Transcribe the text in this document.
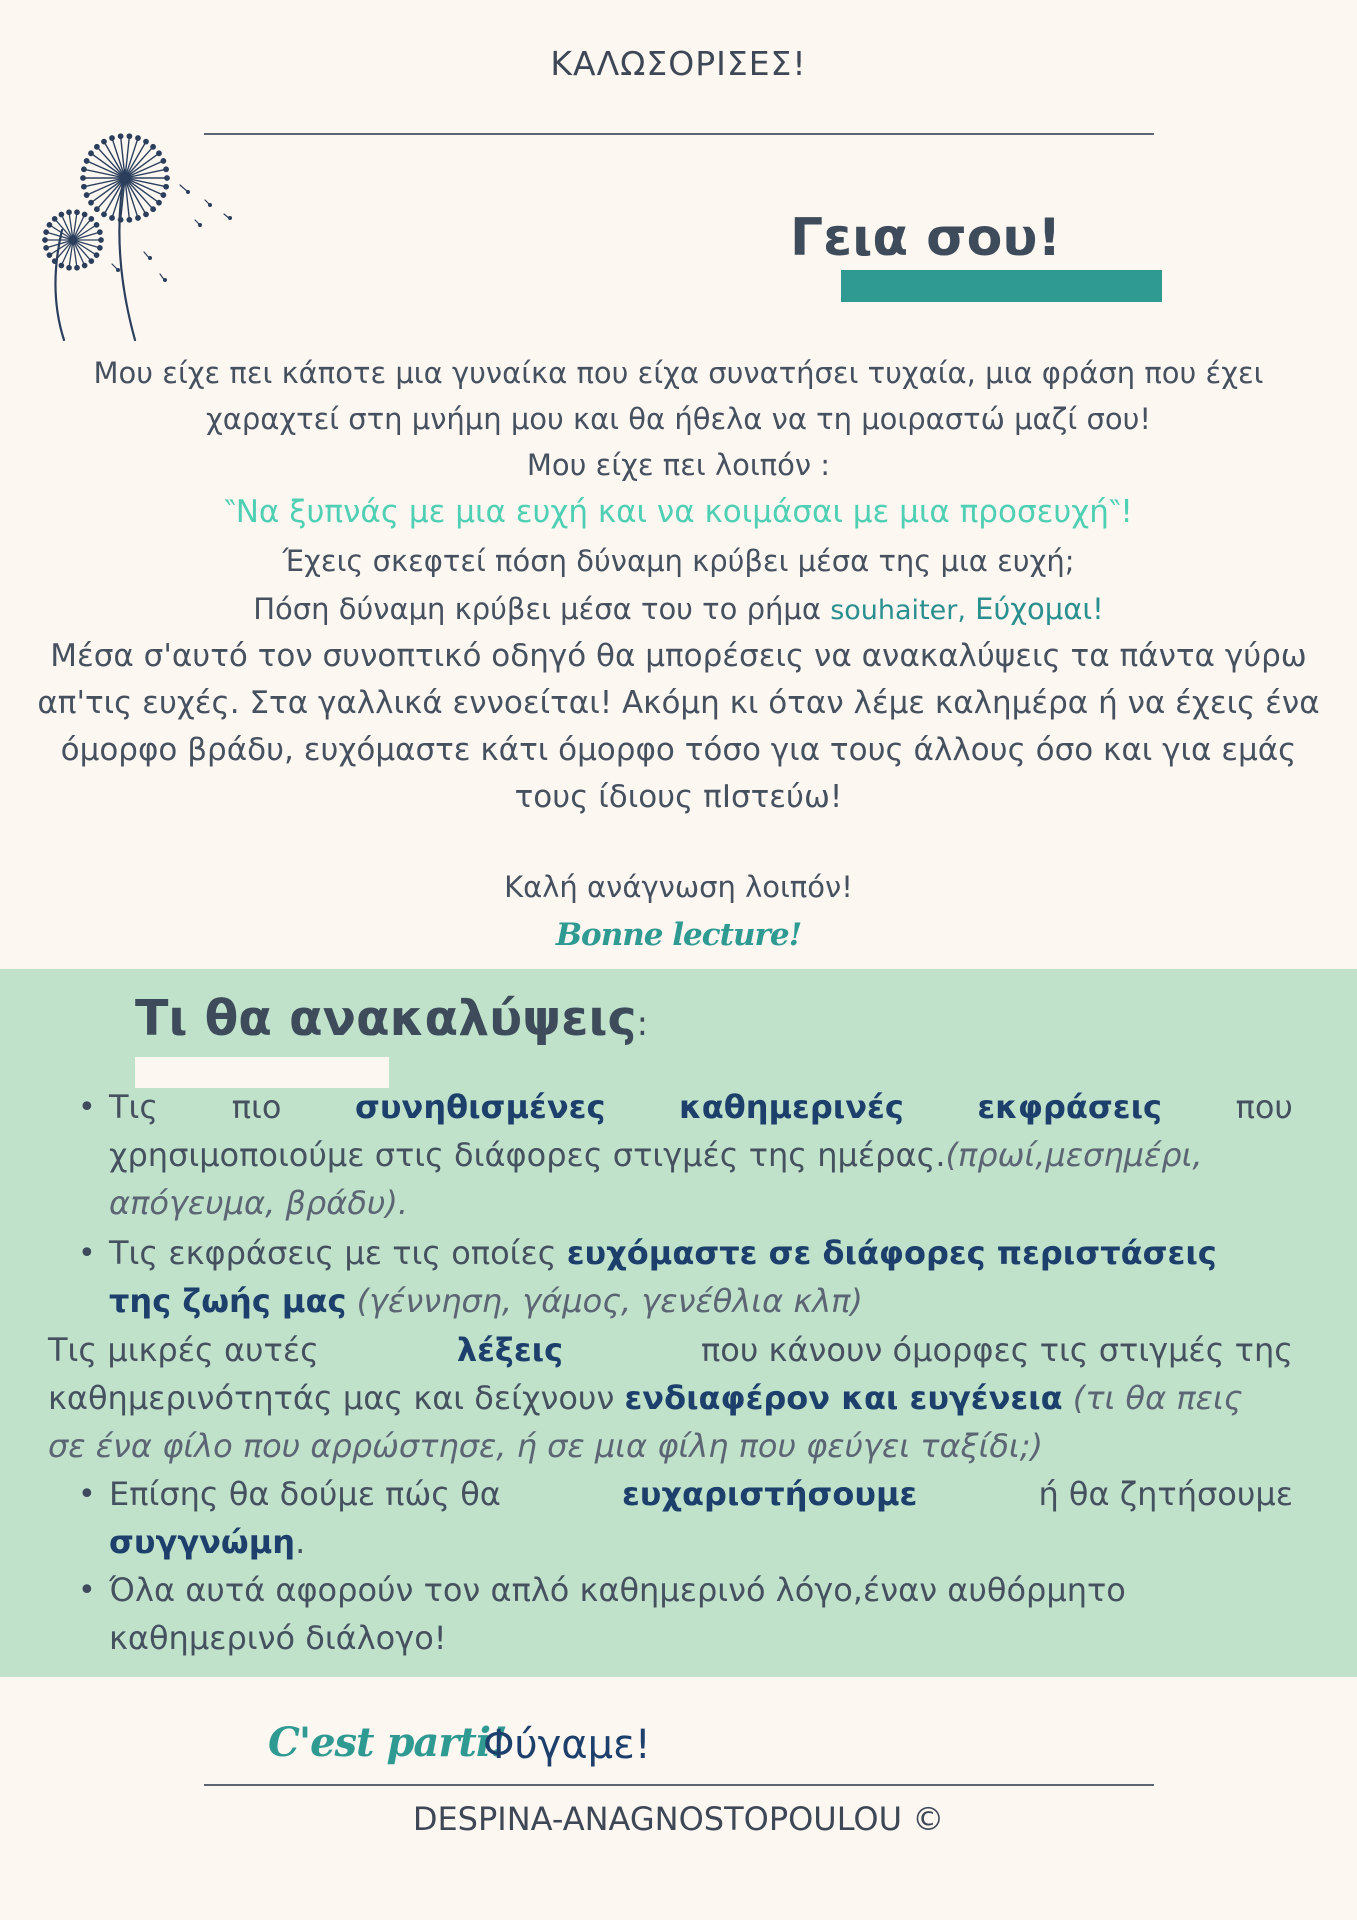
ΚΑΛΩΣΟΡΙΣΕΣ!
Γεια σου!
Μου είχε πει κάποτε μια γυναίκα που είχα συνατήσει τυχαία, μια φράση που έχει
χαραχτεί στη μνήμη μου και θα ήθελα να τη μοιραστώ μαζί σου!
Μου είχε πει λοιπόν :
‶Να ξυπνάς με μια ευχή και να κοιμάσαι με μια προσευχή‶!
Έχεις σκεφτεί πόση δύναμη κρύβει μέσα της μια ευχή;
Πόση δύναμη κρύβει μέσα του το ρήμα souhaiter, Εύχομαι!
Μέσα σ'αυτό τον συνοπτικό οδηγό θα μπορέσεις να ανακαλύψεις τα πάντα γύρω
απ'τις ευχές. Στα γαλλικά εννοείται! Ακόμη κι όταν λέμε καλημέρα ή να έχεις ένα
όμορφο βράδυ, ευχόμαστε κάτι όμορφο τόσο για τους άλλους όσο και για εμάς
τους ίδιους πΙστεύω!
Καλή ανάγνωση λοιπόν!
Bonne lecture!
Τι θα ανακαλύψεις:
• Τις πιο συνηθισμένες καθημερινές εκφράσεις που
χρησιμοποιούμε στις διάφορες στιγμές της ημέρας.(πρωί,μεσημέρι,
απόγευμα, βράδυ).
• Τις εκφράσεις με τις οποίες ευχόμαστε σε διάφορες περιστάσεις
της ζωής μας (γέννηση, γάμος, γενέθλια κλπ)
Τις μικρές αυτές	λέξεις	που κάνουν όμορφες τις στιγμές της
καθημερινότητάς μας και δείχνουν ενδιαφέρον και ευγένεια (τι θα πεις
σε ένα φίλο που αρρώστησε, ή σε μια φίλη που φεύγει ταξίδι;)
• Επίσης θα δούμε πώς θα	ευχαριστήσουμε	ή θα ζητήσουμε
συγγνώμη.
• Όλα αυτά αφορούν τον απλό καθημερινό λόγο,έναν αυθόρμητο
καθημερινό διάλογο!
C'est parti!
Φύγαμε!
DESPINA-ANAGNOSTOPOULOU ©
